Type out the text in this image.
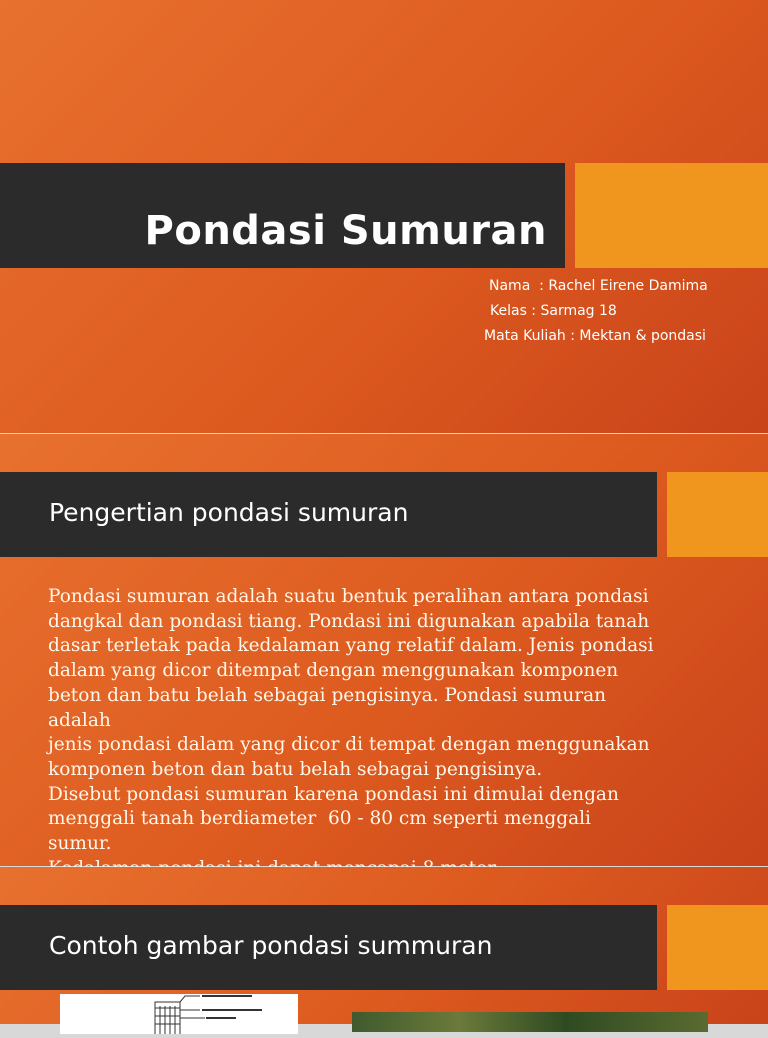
Pondasi Sumuran
Nama  : Rachel Eirene Damima
Kelas : Sarmag 18
Mata Kuliah : Mektan & pondasi
Pengertian pondasi sumuran

Pondasi sumuran adalah suatu bentuk peralihan antara pondasi
dangkal dan pondasi tiang. Pondasi ini digunakan apabila tanah
dasar terletak pada kedalaman yang relatif dalam. Jenis pondasi
dalam yang dicor ditempat dengan menggunakan komponen
beton dan batu belah sebagai pengisinya. Pondasi sumuran adalah
jenis pondasi dalam yang dicor di tempat dengan menggunakan
komponen beton dan batu belah sebagai pengisinya.
Disebut pondasi sumuran karena pondasi ini dimulai dengan
menggali tanah berdiameter  60 - 80 cm seperti menggali sumur.

Contoh gambar pondasi summuran
